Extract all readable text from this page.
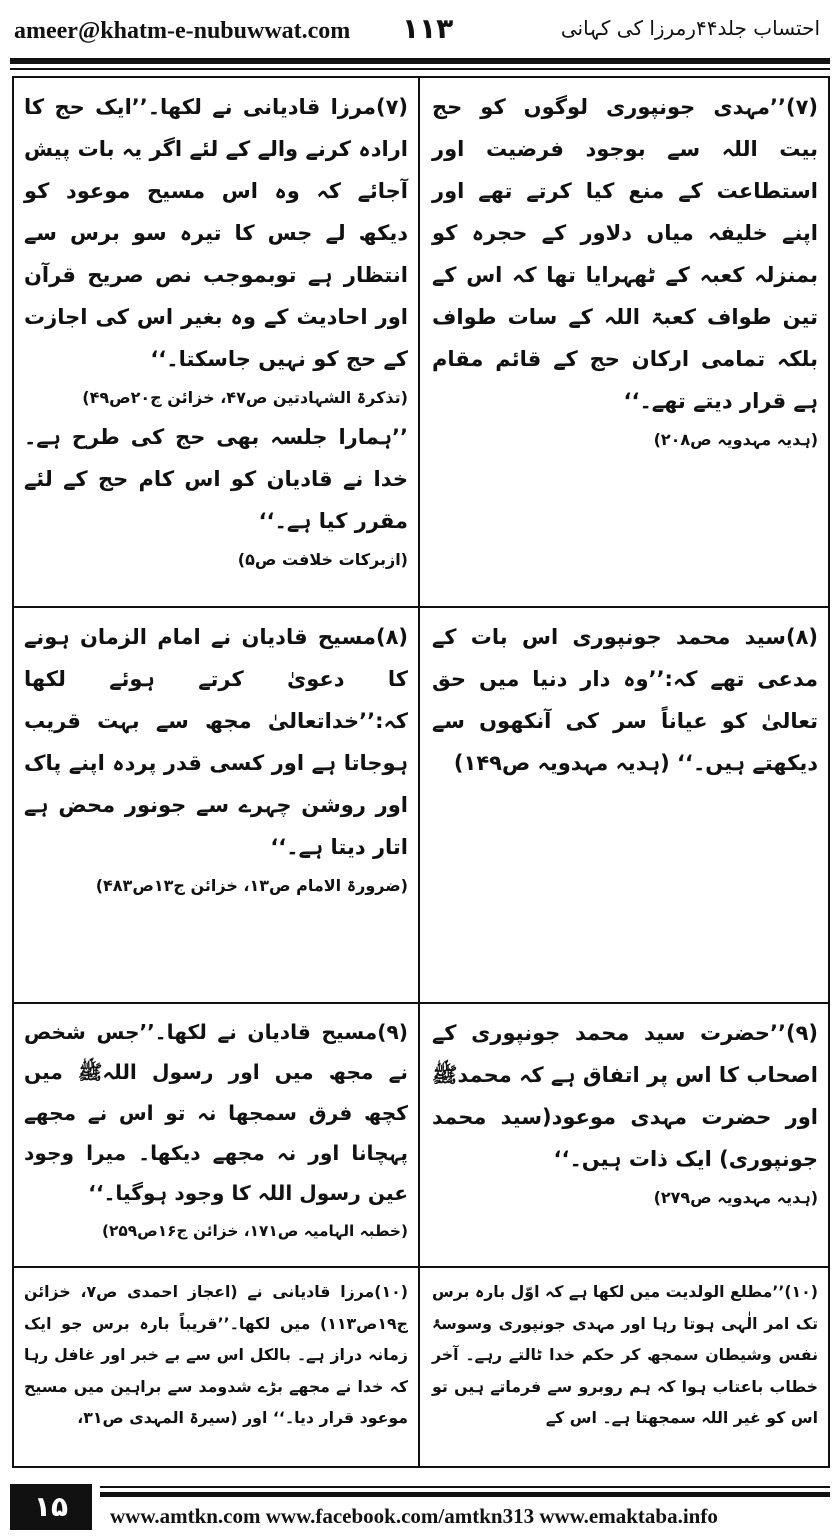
ameer@khatm-e-nubuwwat.com ۱۱۳	احتساب جلد۴۴رمرزا کی کہانی

(۷)’’مہدی جونپوری لوگوں کو حج بیت اللہ سے بوجود فرضیت اور استطاعت کے منع کیا کرتے تھے اور اپنے خلیفہ میاں دلاور کے حجرہ کو بمنزلہ کعبہ کے ٹھہرایا تھا کہ اس کے تین طواف کعبۃ اللہ کے سات طواف بلکہ تمامی ارکان حج کے قائم مقام ہے قرار دیتے تھے۔‘‘

(ہدیہ مہدویہ ص۲۰۸)

(۷)مرزا قادیانی نے لکھا۔’’ایک حج کا ارادہ کرنے والے کے لئے اگر یہ بات پیش آجائے کہ وہ اس مسیح موعود کو دیکھ لے جس کا تیرہ سو برس سے انتظار ہے توبموجب نص صریح قرآن اور احادیث کے وہ بغیر اس کی اجازت کے حج کو نہیں جاسکتا۔‘‘

(تذکرۃ الشہادتین ص۴۷، خزائن ج۲۰ص۴۹)

’’ہمارا جلسہ بھی حج کی طرح ہے۔ خدا نے قادیان کو اس کام حج کے لئے مقرر کیا ہے۔‘‘

(ازبرکات خلافت ص۵)

(۸)سید محمد جونپوری اس بات کے مدعی تھے کہ:’’وہ دار دنیا میں حق تعالیٰ کو عیاناً سر کی آنکھوں سے دیکھتے ہیں۔‘‘ (ہدیہ مہدویہ ص۱۴۹)

(۸)مسیح قادیان نے امام الزمان ہونے کا دعویٰ کرتے ہوئے لکھا کہ:’’خداتعالیٰ مجھ سے بہت قریب ہوجاتا ہے اور کسی قدر پردہ اپنے پاک اور روشن چہرے سے جونور محض ہے اتار دیتا ہے۔‘‘

(ضرورۃ الامام ص۱۳، خزائن ج۱۳ص۴۸۳)

(۹)’’حضرت سید محمد جونپوری کے اصحاب کا اس پر اتفاق ہے کہ محمدﷺ اور حضرت مہدی موعود(سید محمد جونپوری) ایک ذات ہیں۔‘‘

(ہدیہ مہدویہ ص۲۷۹)

(۹)مسیح قادیان نے لکھا۔’’جس شخص نے مجھ میں اور رسول اللہﷺ میں کچھ فرق سمجھا نہ تو اس نے مجھے پہچانا اور نہ مجھے دیکھا۔ میرا وجود عین رسول اللہ کا وجود ہوگیا۔‘‘

(خطبہ الہامیہ ص۱۷۱، خزائن ج۱۶ص۲۵۹)

(۱۰)’’مطلع الولدیت میں لکھا ہے کہ اوّل بارہ برس تک امر الٰہی ہوتا رہا اور مہدی جونپوری وسوسۂ نفس وشیطان سمجھ کر حکم خدا ٹالتے رہے۔ آخر خطاب باعتاب ہوا کہ ہم روبرو سے فرماتے ہیں تو اس کو غیر اللہ سمجھتا ہے۔ اس کے

(۱۰)مرزا قادیانی نے (اعجاز احمدی ص۷، خزائن ج۱۹ص۱۱۳) میں لکھا۔’’قریباً بارہ برس جو ایک زمانہ دراز ہے۔ بالکل اس سے بے خبر اور غافل رہا کہ خدا نے مجھے بڑے شدومد سے براہین میں مسیح موعود قرار دیا۔‘‘ اور (سیرۃ المہدی ص۳۱،

۱۵	www.amtkn.com www.facebook.com/amtkn313 www.emaktaba.info
